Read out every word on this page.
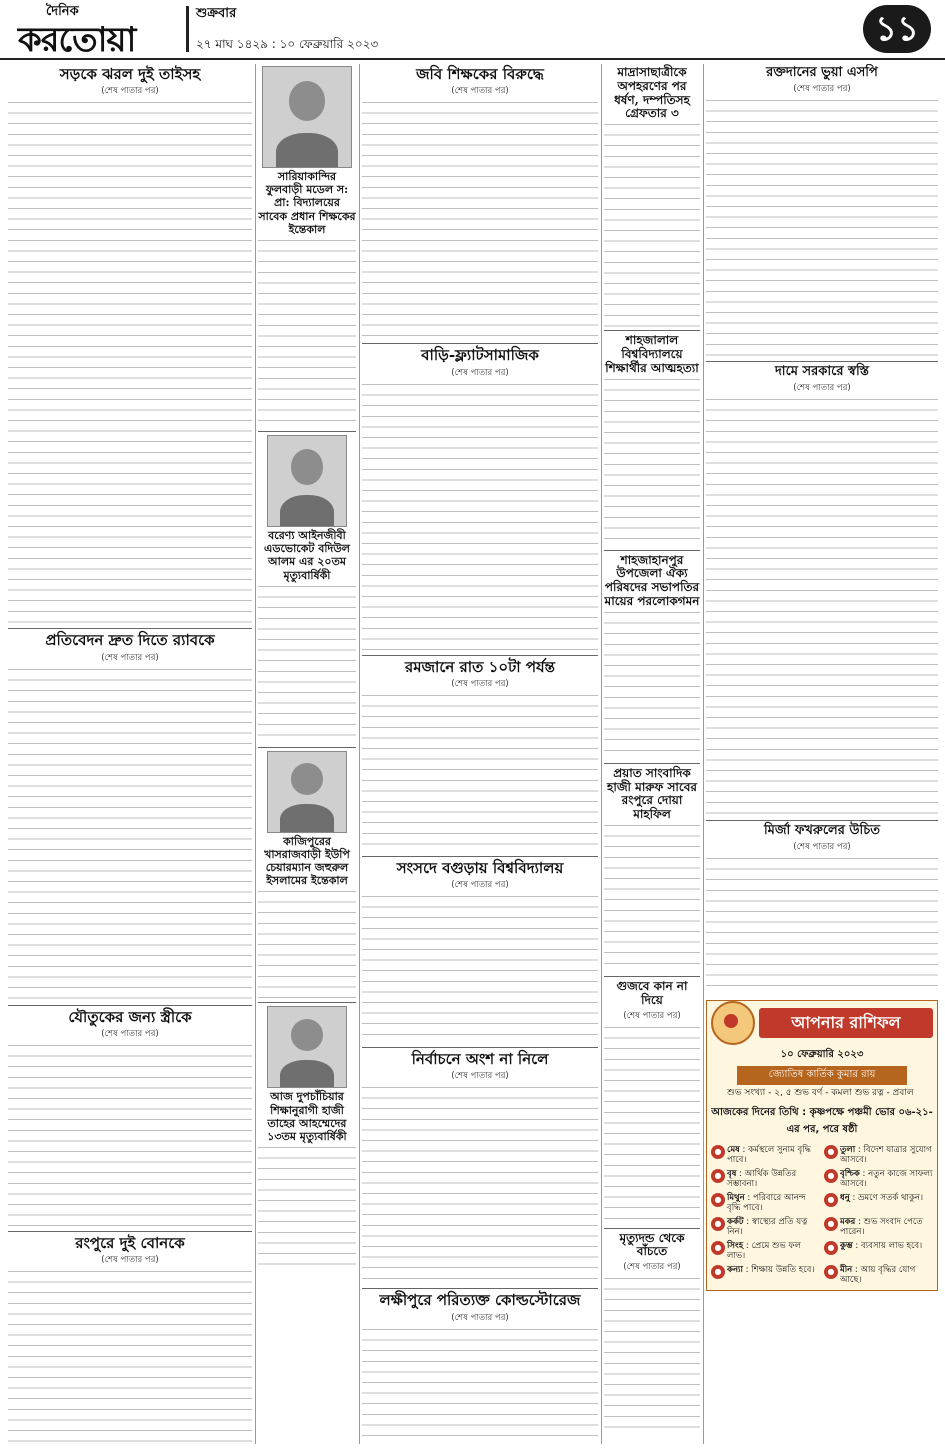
দৈনিক
করতোয়া
শুক্রবার
২৭ মাঘ ১৪২৯ : ১০ ফেব্রুয়ারি ২০২৩	১১
সড়কে ঝরল দুই তাইসহ
(শেষ পাতার পর)
প্রতিবেদন দ্রুত দিতে র‌্যাবকে
(শেষ পাতার পর)
যৌতুকের জন্য স্ত্রীকে
(শেষ পাতার পর)
রংপুরে দুই বোনকে
(শেষ পাতার পর)
সারিয়াকান্দির ফুলবাড়ী মডেল স: প্রা: বিদ্যালয়ের সাবেক প্রধান শিক্ষকের ইন্তেকাল
বরেণ্য আইনজীবী এডভোকেট বদিউল আলম এর ২০তম মৃত্যুবার্ষিকী
কাজিপুরের খাসরাজবাড়ী ইউপি চেয়ারম্যান জহুরুল ইসলামের ইন্তেকাল
আজ দুপচাঁচিয়ার শিক্ষানুরাগী হাজী তাহের আহম্মেদের ১৩তম মৃত্যুবার্ষিকী
জবি শিক্ষকের বিরুদ্ধে
(শেষ পাতার পর)
বাড়ি-ফ্ল্যাটসামাজিক
(শেষ পাতার পর)
রমজানে রাত ১০টা পর্যন্ত
(শেষ পাতার পর)
সংসদে বগুড়ায় বিশ্ববিদ্যালয়
(শেষ পাতার পর)
নির্বাচনে অংশ না নিলে
(শেষ পাতার পর)
লক্ষীপুরে পরিত্যক্ত কোল্ডস্টোরেজ
(শেষ পাতার পর)
মাদ্রাসাছাত্রীকে অপহরণের পর ধর্ষণ, দম্পতিসহ গ্রেফতার ৩
শাহজালাল বিশ্ববিদ্যালয়ে শিক্ষার্থীর আত্মহত্যা
শাহজাহানপুর উপজেলা ঐক্য পরিষদের সভাপতির মায়ের পরলোকগমন
প্রয়াত সাংবাদিক হাজী মারুফ সাবের রংপুরে দোয়া মাহফিল
গুজবে কান না দিয়ে
(শেষ পাতার পর)
মৃত্যুদন্ড থেকে বাঁচতে
(শেষ পাতার পর)
রক্তদানের ভুয়া এসপি
(শেষ পাতার পর)
দামে সরকারে স্বস্তি
(শেষ পাতার পর)
মির্জা ফখরুলের উচিত
(শেষ পাতার পর)
আপনার রাশিফল
১০ ফেব্রুয়ারি ২০২৩
জ্যোতিষ কার্তিক কুমার রায়
শুভ সংখ্যা - ২, ৫ শুভ বর্ণ - কমলা শুভ রত্ন - প্রবাল
আজকের দিনের তিথি : কৃষ্ণপক্ষে পঞ্চমী ভোর ০৬-২১-এর পর, পরে ষষ্ঠী
● মেষ : কর্মস্থলে সুনাম বৃদ্ধি পাবে।
● তুলা : বিদেশ যাত্রার সুযোগ আসবে।
● বৃষ : আর্থিক উন্নতির সম্ভাবনা।
● বৃশ্চিক : নতুন কাজে সাফল্য আসবে।
● মিথুন : পরিবারে আনন্দ বৃদ্ধি পাবে।
● ধনু : ভ্রমণে সতর্ক থাকুন।
● কর্কট : স্বাস্থ্যের প্রতি যত্ন নিন।
● মকর : শুভ সংবাদ পেতে পারেন।
● সিংহ : প্রেমে শুভ ফল লাভ।
● কুম্ভ : ব্যবসায় লাভ হবে।
● কন্যা : শিক্ষায় উন্নতি হবে।	● মীন : আয় বৃদ্ধির যোগ আছে।
